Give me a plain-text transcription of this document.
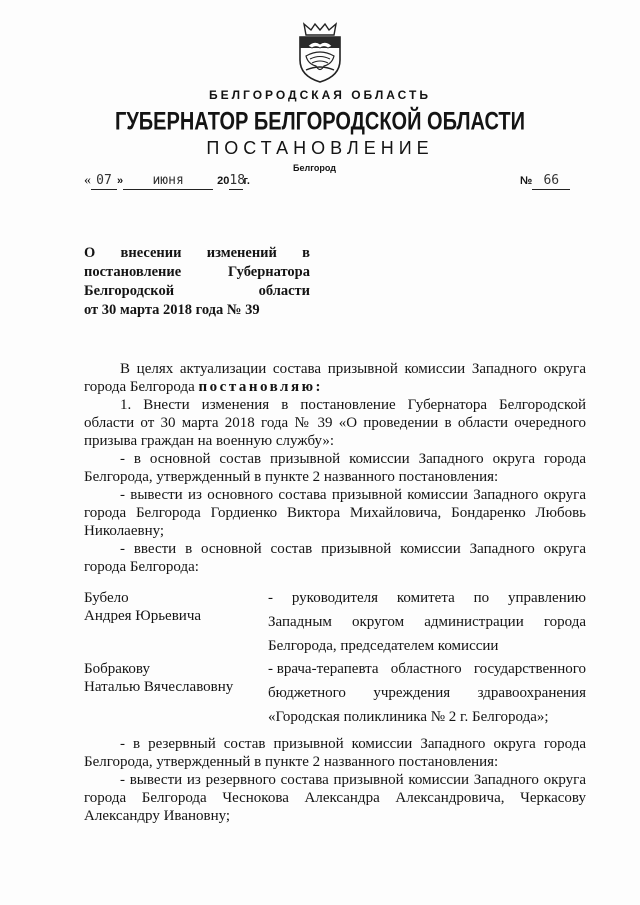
БЕЛГОРОДСКАЯ ОБЛАСТЬ
ГУБЕРНАТОР БЕЛГОРОДСКОЙ ОБЛАСТИ
ПОСТАНОВЛЕНИЕ
Белгород
« 07 » июня	2018г.	№ 66
О внесении изменений в
постановление	Губернатора
Белгородской	области
от 30 марта 2018 года № 39
В целях актуализации состава призывной комиссии Западного округа города Белгорода постановляю:
1. Внести изменения в постановление Губернатора Белгородской области от 30 марта 2018 года № 39 «О проведении в области очередного призыва граждан на военную службу»:
- в основной состав призывной комиссии Западного округа города Белгорода, утвержденный в пункте 2 названного постановления:
- вывести из основного состава призывной комиссии Западного округа города Белгорода Гордиенко Виктора Михайловича, Бондаренко Любовь Николаевну;
- ввести в основной состав призывной комиссии Западного округа города Белгорода:
Бубело
Андрея Юрьевича
- руководителя комитета по управлению
Западным округом администрации города
Белгорода, председателем комиссии
Бобракову
Наталью Вячеславовну
- врача-терапевта областного государственного
бюджетного учреждения здравоохранения
«Городская поликлиника № 2 г. Белгорода»;
- в резервный состав призывной комиссии Западного округа города Белгорода, утвержденный в пункте 2 названного постановления:
- вывести из резервного состава призывной комиссии Западного округа города Белгорода Чеснокова Александра Александровича, Черкасову Александру Ивановну;
